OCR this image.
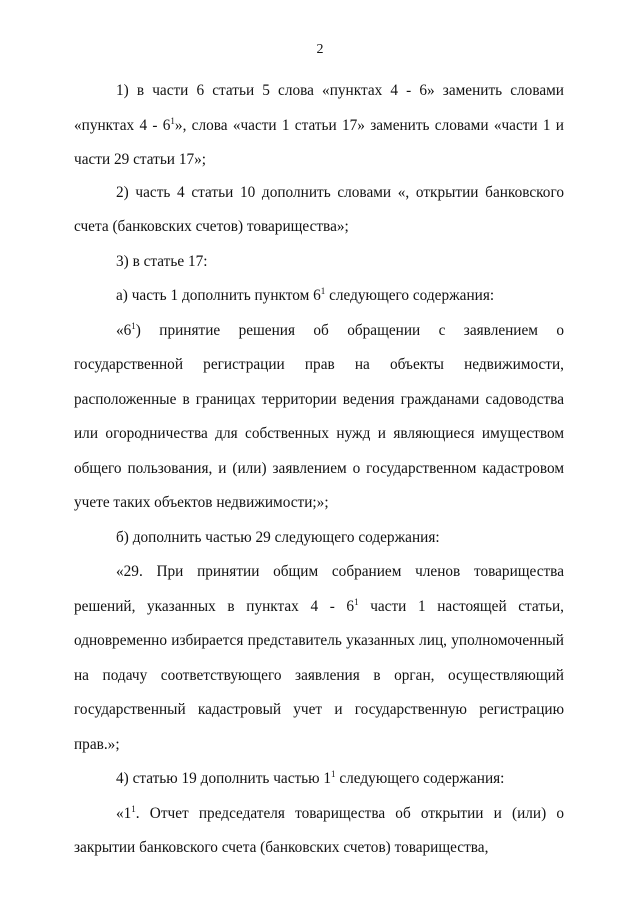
2

1) в части 6 статьи 5 слова «пунктах 4 - 6» заменить словами «пунктах $4 - 6^1$», слова «части 1 статьи 17» заменить словами «части 1 и части 29 статьи 17»;

2) часть 4 статьи 10 дополнить словами «, открытии банковского счета (банковских счетов) товарищества»;

3) в статье 17:

а) часть 1 дополнить пунктом $6^1$ следующего содержания:

«$6^1$) принятие решения об обращении с заявлением о государственной регистрации прав на объекты недвижимости, расположенные в границах территории ведения гражданами садоводства или огородничества для собственных нужд и являющиеся имуществом общего пользования, и (или) заявлением о государственном кадастровом учете таких объектов недвижимости;»;

б) дополнить частью 29 следующего содержания:

«29. При принятии общим собранием членов товарищества решений, указанных в пунктах $4 - 6^1$ части 1 настоящей статьи, одновременно избирается представитель указанных лиц, уполномоченный на подачу соответствующего заявления в орган, осуществляющий государственный кадастровый учет и государственную регистрацию прав.»;

4) статью 19 дополнить частью $1^1$ следующего содержания:

«$1^1$. Отчет председателя товарищества об открытии и (или) о закрытии банковского счета (банковских счетов) товарищества,
